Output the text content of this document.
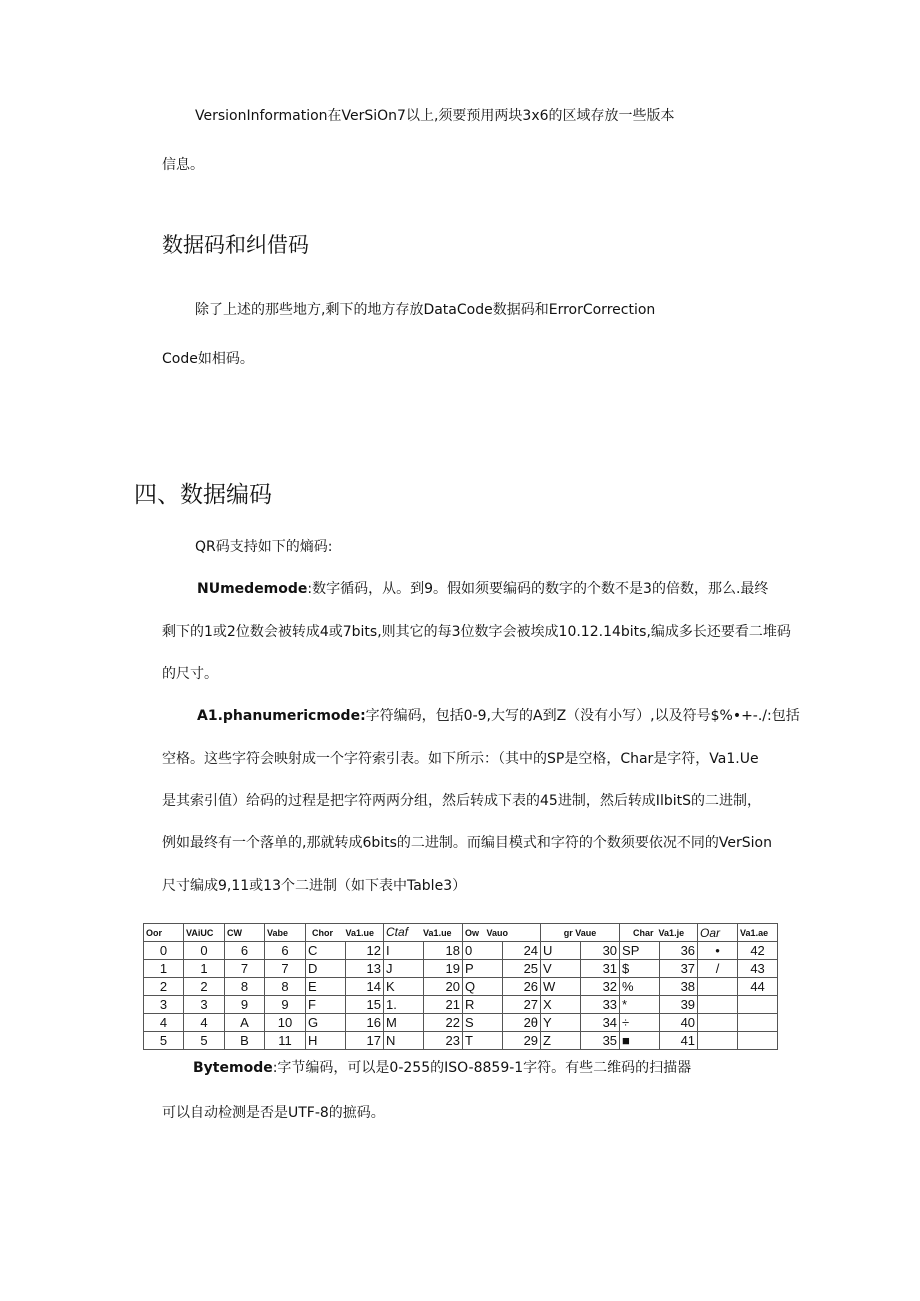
VersionInformation在VerSiOn7以上,须要预用两块3x6的区域存放一些版本
信息。
数据码和纠借码
除了上述的那些地方,剩下的地方存放DataCode数据码和ErrorCorrection
Code如相码。
四、数据编码
QR码支持如下的熵码:
NUmedemode:数字循码，从。到9。假如须要编码的数字的个数不是3的倍数，那么.最终
剩下的1或2位数会被转成4或7bits,则其它的每3位数字会被埃成10.12.14bits,编成多长还要看二堆码
的尺寸。
A1.phanumericmode:字符编码，包括0-9,大写的A到Z（没有小写）,以及符号$%•+-./:包括
空格。这些字符会映射成一个字符索引表。如下所示：（其中的SP是空格，Char是字符，Va1.Ue
是其索引值）给码的过程是把字符两两分组，然后转成下表的45进制，然后转成IlbitS的二进制，
例如最终有一个落单的,那就转成6bits的二进制。而编目模式和字符的个数须要依况不同的VerSion
尺寸编成9,11或13个二进制（如下表中Table3）
Oor	VAiUC	CW	Vabe	Chor Va1.ue		Ctaf Va1.ue		Ow Vauo		gr Vaue		Char Va1.je		Oar	Va1.ae
0	0	6	6	C	12	I	18	0	24	U	30	SP	36	•	42
1	1	7	7	D	13	J	19	P	25	V	31	$	37	/	43
2	2	8	8	E	14	K	20	Q	26	W	32	%	38		44
3	3	9	9	F	15	1.	21	R	27	X	33	*	39		
4	4	A	10	G	16	M	22	S	2θ	Y	34	÷	40		
5	5	B	11	H	17	N	23	T	29	Z	35	■	41		
Bytemode:字节编码，可以是0-255的ISO-8859-1字符。有些二维码的扫描器
可以自动检测是否是UTF-8的摭码。
